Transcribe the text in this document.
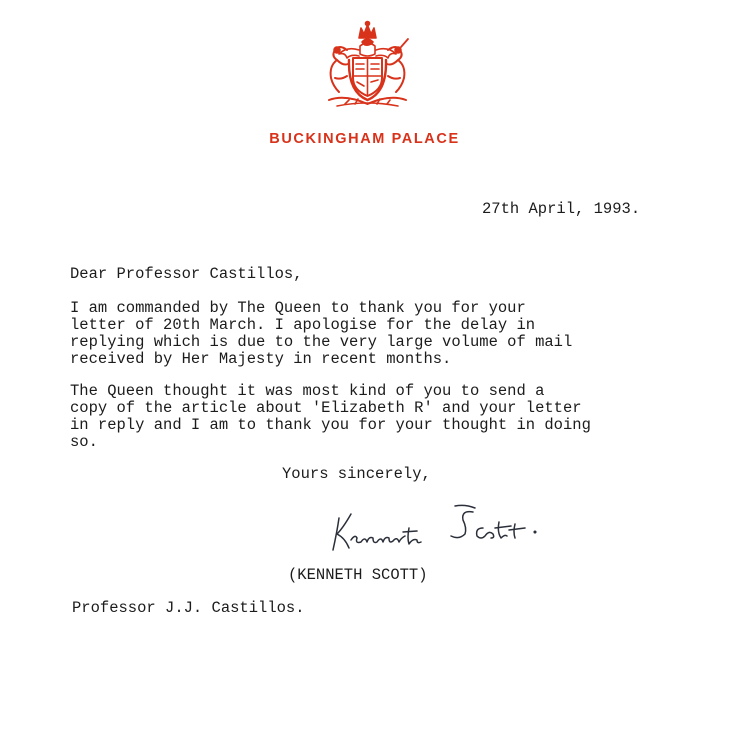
BUCKINGHAM PALACE
27th April, 1993.
Dear Professor Castillos,
I am commanded by The Queen to thank you for your
letter of 20th March. I apologise for the delay in
replying which is due to the very large volume of mail
received by Her Majesty in recent months.
The Queen thought it was most kind of you to send a
copy of the article about 'Elizabeth R' and your letter
in reply and I am to thank you for your thought in doing
so.
Yours sincerely,
(KENNETH SCOTT)
Professor J.J. Castillos.
